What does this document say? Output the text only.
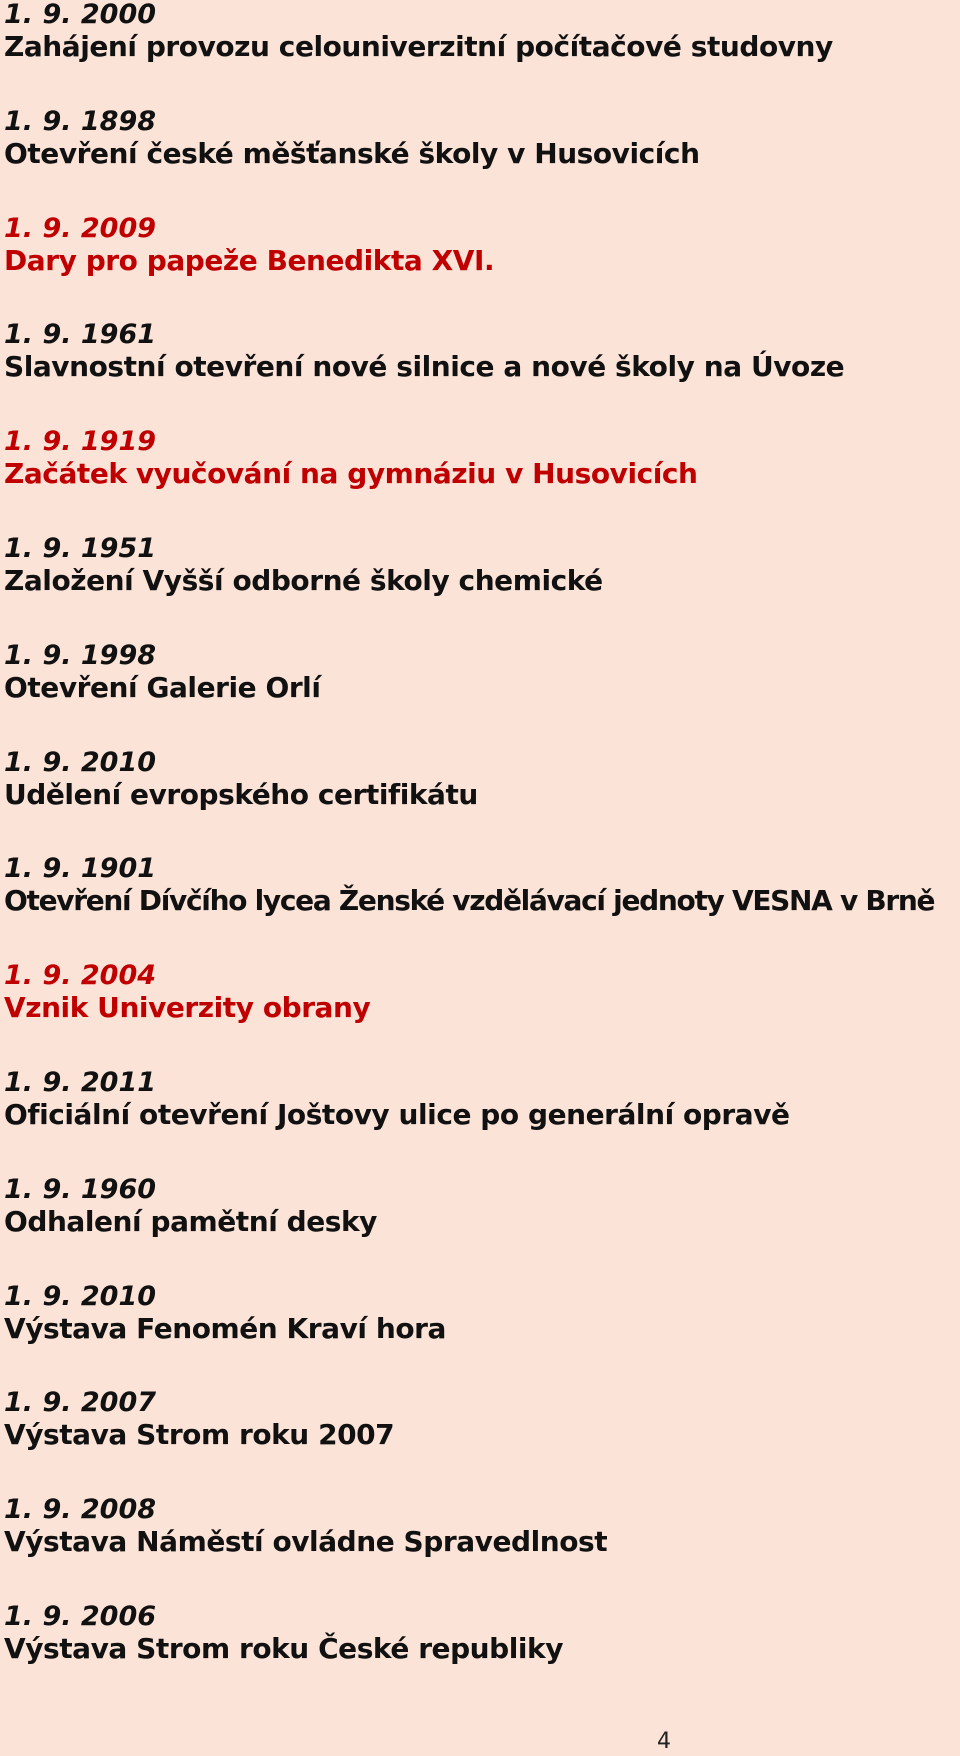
1. 9. 2000
Zahájení provozu celouniverzitní počítačové studovny
1. 9. 1898
Otevření české měšťanské školy v Husovicích
1. 9. 2009
Dary pro papeže Benedikta XVI.
1. 9. 1961
Slavnostní otevření nové silnice a nové školy na Úvoze
1. 9. 1919
Začátek vyučování na gymnáziu v Husovicích
1. 9. 1951
Založení Vyšší odborné školy chemické
1. 9. 1998
Otevření Galerie Orlí
1. 9. 2010
Udělení evropského certifikátu
1. 9. 1901
Otevření Dívčího lycea Ženské vzdělávací jednoty VESNA v Brně
1. 9. 2004
Vznik Univerzity obrany
1. 9. 2011
Oficiální otevření Joštovy ulice po generální opravě
1. 9. 1960
Odhalení pamětní desky
1. 9. 2010
Výstava Fenomén Kraví hora
1. 9. 2007
Výstava Strom roku 2007
1. 9. 2008
Výstava Náměstí ovládne Spravedlnost
1. 9. 2006
Výstava Strom roku České republiky
4
